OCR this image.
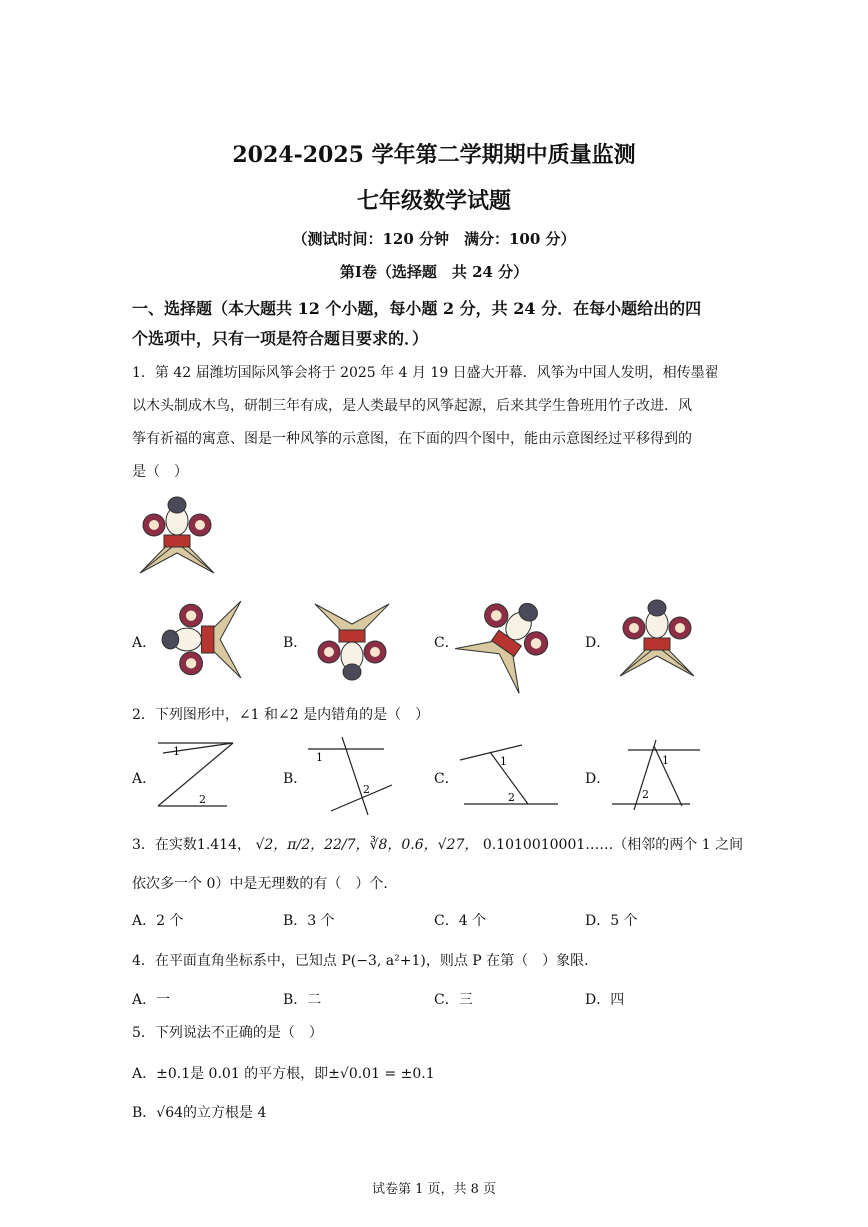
2024-2025 学年第二学期期中质量监测
七年级数学试题
（测试时间：120 分钟　满分：100 分）
第Ⅰ卷（选择题　共 24 分）
一、选择题（本大题共 12 个小题，每小题 2 分，共 24 分．在每小题给出的四
个选项中，只有一项是符合题目要求的．）
1．第 42 届潍坊国际风筝会将于 2025 年 4 月 19 日盛大开幕．风筝为中国人发明，相传墨翟
以木头制成木鸟，研制三年有成，是人类最早的风筝起源，后来其学生鲁班用竹子改进．风
筝有祈福的寓意、图是一种风筝的示意图，在下面的四个图中，能由示意图经过平移得到的
是（　）
A．	B．	C．	D．
2．下列图形中，∠1 和∠2 是内错角的是（　）
A．	B．	C．	D．
1
2
1
2
1
2
1
2
3．在实数1.414， √2，π/2，22/7，∛8，0.6̇，√27， 0.1010010001……（相邻的两个 1 之间
依次多一个 0）中是无理数的有（　）个．
A．2 个	B．3 个	C．4 个	D．5 个
4．在平面直角坐标系中，已知点 P(−3, a²+1)，则点 P 在第（　）象限．
A．一	B．二	C．三	D．四
5．下列说法不正确的是（　）
A．±0.1是 0.01 的平方根，即±√0.01 = ±0.1
B．√64的立方根是 4
试卷第 1 页，共 8 页
